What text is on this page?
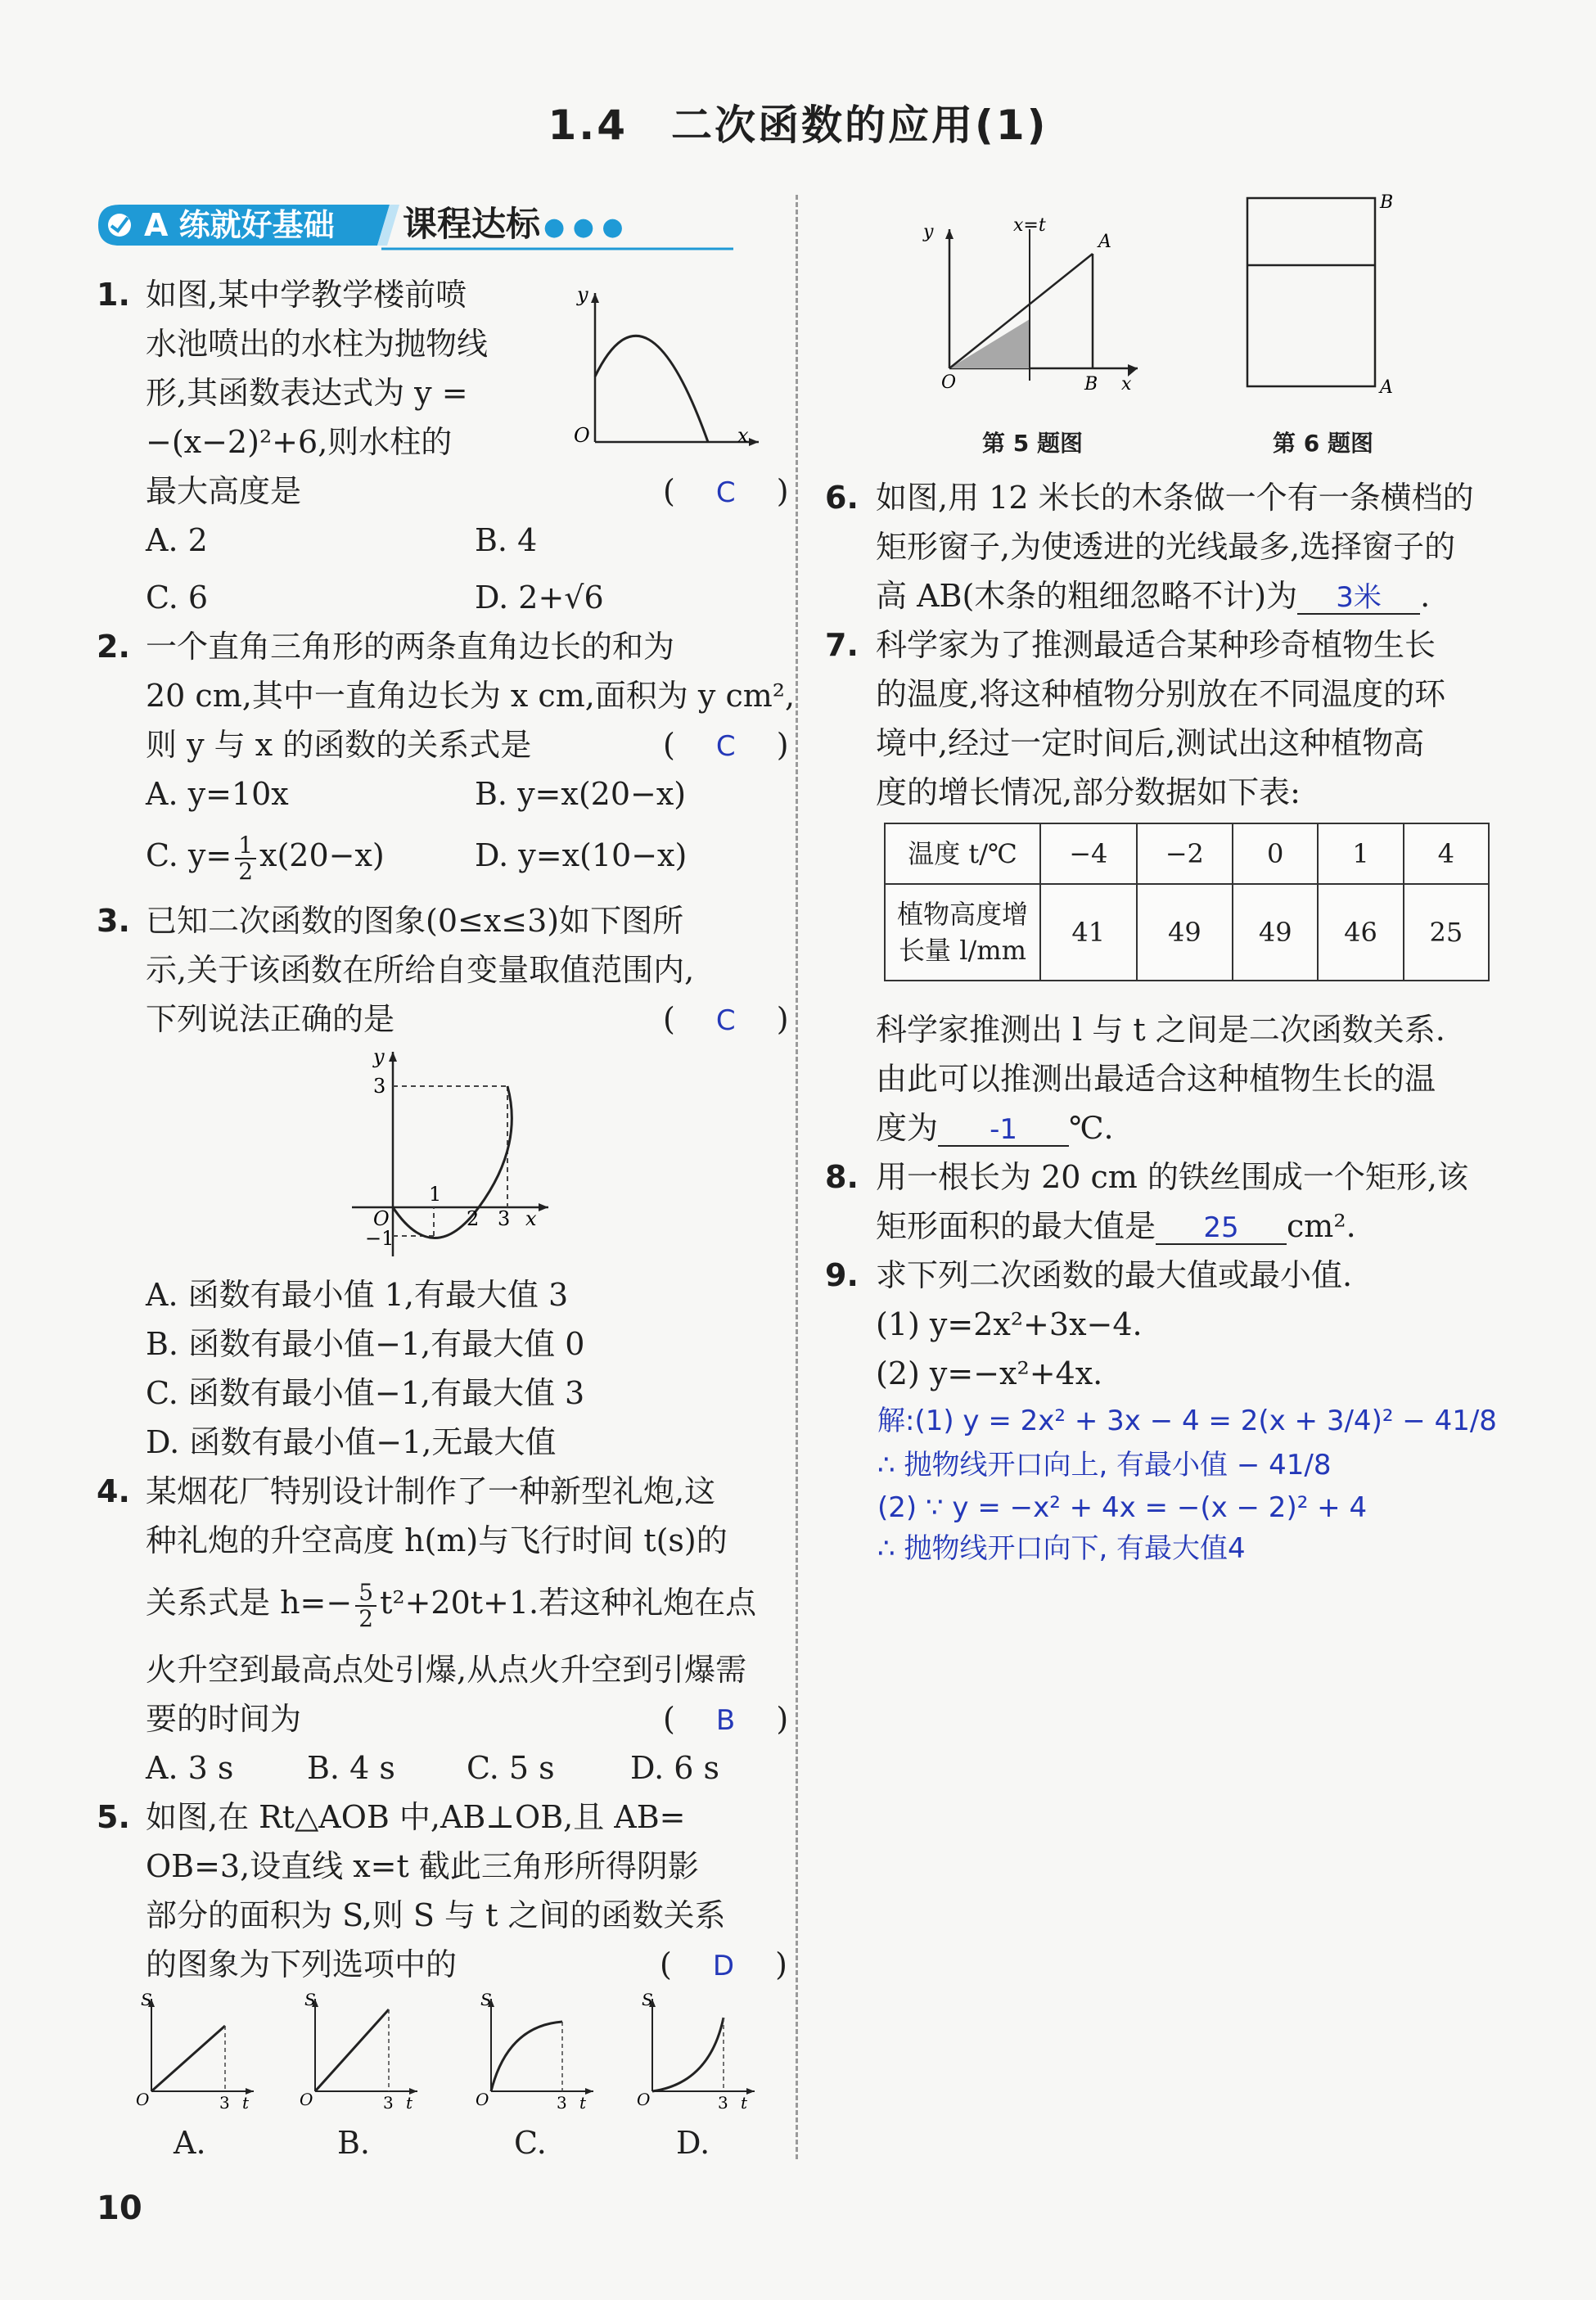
1.4　二次函数的应用(1)
A 练就好基础 课程达标 ● ● ●
1. 如图,某中学教学楼前喷
水池喷出的水柱为抛物线
形,其函数表达式为 y =
−(x−2)²+6,则水柱的
最大高度是	(　 C 　)
A. 2	B. 4
C. 6	D. 2+√6
y
O	x
2. 一个直角三角形的两条直角边长的和为
20 cm,其中一直角边长为 x cm,面积为 y cm²,
则 y 与 x 的函数的关系式是	(　 C 　)
A. y=10x	B. y=x(20−x)
C. $y= \frac{1}{2} x(20-x)$	D. y=x(10−x)
3. 已知二次函数的图象(0≤x≤3)如下图所
示,关于该函数在所给自变量取值范围内,
下列说法正确的是	(　 C 　)
y
3
1
O
−1
2 3 x
A. 函数有最小值 1,有最大值 3
B. 函数有最小值−1,有最大值 0
C. 函数有最小值−1,有最大值 3
D. 函数有最小值−1,无最大值
4. 某烟花厂特别设计制作了一种新型礼炮,这
种礼炮的升空高度 h(m)与飞行时间 t(s)的
关系式是 $h=- \frac{5}{2} t^2+20t+1$.若这种礼炮在点
火升空到最高点处引爆,从点火升空到引爆需
要的时间为	(　 B 　)
A. 3 s B. 4 s C. 5 s D. 6 s
5. 如图,在 Rt△AOB 中,AB⊥OB,且 AB=
OB=3,设直线 x=t 截此三角形所得阴影
部分的面积为 S,则 S 与 t 之间的函数关系
的图象为下列选项中的	(　 D 　)
S
O	3 t
S
O	3 t
S
O	3 t
S
O	3 t
A.	B.	C.	D.
y	x=t
A
O	B x
第 5 题图
B
A
第 6 题图
6. 如图,用 12 米长的木条做一个有一条横档的
矩形窗子,为使透进的光线最多,选择窗子的
高 AB(木条的粗细忽略不计)为 3米 .
7. 科学家为了推测最适合某种珍奇植物生长
的温度,将这种植物分别放在不同温度的环
境中,经过一定时间后,测试出这种植物高
度的增长情况,部分数据如下表:
温度 t/℃	−4	−2	0	1	4

植物高度增
长量 l/mm	41	49	49	46	25
科学家推测出 l 与 t 之间是二次函数关系.
由此可以推测出最适合这种植物生长的温
度为 -1 ℃.
8. 用一根长为 20 cm 的铁丝围成一个矩形,该
矩形面积的最大值是 25 cm².
9. 求下列二次函数的最大值或最小值.
(1) y=2x²+3x−4.
(2) y=−x²+4x.
解:(1) y = 2x² + 3x − 4 = 2(x + 3/4)² − 41/8
∴ 抛物线开口向上, 有最小值 − 41/8
(2) ∵ y = −x² + 4x = −(x − 2)² + 4
∴ 抛物线开口向下, 有最大值4
10
